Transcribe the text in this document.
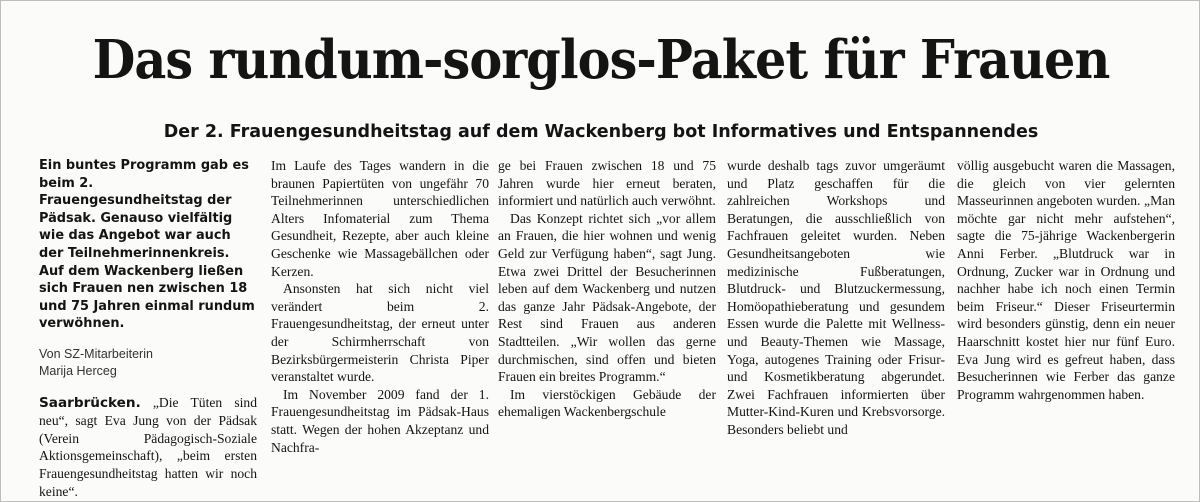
Das rundum-sorglos-Paket für Frauen
Der 2. Frauengesundheitstag auf dem Wackenberg bot Informatives und Entspannendes

Ein buntes Programm gab es beim 2. Frauengesundheitstag der Pädsak. Genauso vielfältig wie das Angebot war auch der Teilnehmerinnenkreis. Auf dem Wackenberg ließen sich Frauen nen zwischen 18 und 75 Jahren einmal rundum verwöhnen.

Von SZ-Mitarbeiterin
Marija Herceg

Saarbrücken. „Die Tüten sind neu“, sagt Eva Jung von der Pädsak (Verein Pädagogisch-Soziale Aktionsgemeinschaft), „beim ersten Frauengesundheitstag hatten wir noch keine“.

Im Laufe des Tages wandern in die braunen Papiertüten von ungefähr 70 Teilnehmerinnen unterschiedlichen Alters Infomaterial zum Thema Gesundheit, Rezepte, aber auch kleine Geschenke wie Massagebällchen oder Kerzen.

Ansonsten hat sich nicht viel verändert beim 2. Frauengesundheitstag, der erneut unter der Schirmherrschaft von Bezirksbürgermeisterin Christa Piper veranstaltet wurde.

Im November 2009 fand der 1. Frauengesundheitstag im Pädsak-Haus statt. Wegen der hohen Akzeptanz und Nachfra-

ge bei Frauen zwischen 18 und 75 Jahren wurde hier erneut beraten, informiert und natürlich auch verwöhnt.

Das Konzept richtet sich „vor allem an Frauen, die hier wohnen und wenig Geld zur Verfügung haben“, sagt Jung. Etwa zwei Drittel der Besucherinnen leben auf dem Wackenberg und nutzen das ganze Jahr Pädsak-Angebote, der Rest sind Frauen aus anderen Stadtteilen. „Wir wollen das gerne durchmischen, sind offen und bieten Frauen ein breites Programm.“

Im vierstöckigen Gebäude der ehemaligen Wackenbergschule

wurde deshalb tags zuvor umgeräumt und Platz geschaffen für die zahlreichen Workshops und Beratungen, die ausschließlich von Fachfrauen geleitet wurden. Neben Gesundheitsangeboten wie medizinische Fußberatungen, Blutdruck- und Blutzuckermessung, Homöopathieberatung und gesundem Essen wurde die Palette mit Wellness- und Beauty-Themen wie Massage, Yoga, autogenes Training oder Frisur- und Kosmetikberatung abgerundet. Zwei Fachfrauen informierten über Mutter-Kind-Kuren und Krebsvorsorge. Besonders beliebt und

völlig ausgebucht waren die Massagen, die gleich von vier gelernten Masseurinnen angeboten wurden. „Man möchte gar nicht mehr aufstehen“, sagte die 75-jährige Wackenbergerin Anni Ferber. „Blutdruck war in Ordnung, Zucker war in Ordnung und nachher habe ich noch einen Termin beim Friseur.“ Dieser Friseurtermin wird besonders günstig, denn ein neuer Haarschnitt kostet hier nur fünf Euro. Eva Jung wird es gefreut haben, dass Besucherinnen wie Ferber das ganze Programm wahrgenommen haben.
